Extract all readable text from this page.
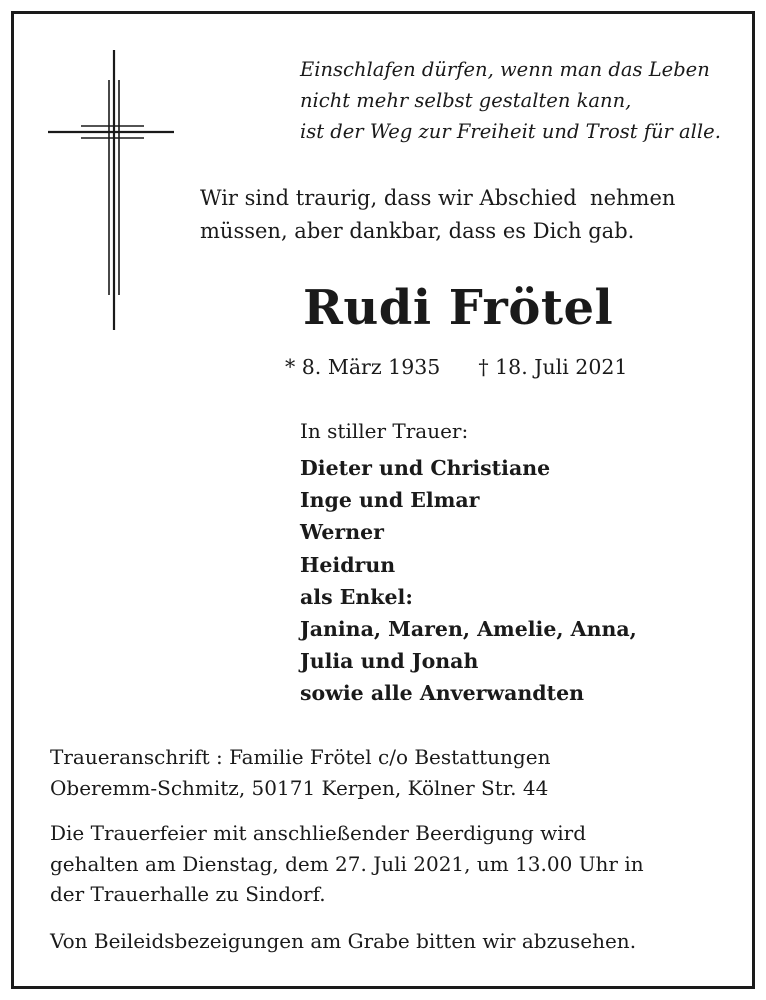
Einschlafen dürfen, wenn man das Leben
nicht mehr selbst gestalten kann,
ist der Weg zur Freiheit und Trost für alle.
Wir sind traurig, dass wir Abschied  nehmen
müssen, aber dankbar, dass es Dich gab.
Rudi Frötel
* 8. März 1935 † 18. Juli 2021
In stiller Trauer:
Dieter und Christiane
Inge und Elmar
Werner
Heidrun
als Enkel:
Janina, Maren, Amelie, Anna,
Julia und Jonah
sowie alle Anverwandten
Traueranschrift : Familie Frötel c/o Bestattungen
Oberemm-Schmitz, 50171 Kerpen, Kölner Str. 44
Die Trauerfeier mit anschließender Beerdigung wird
gehalten am Dienstag, dem 27. Juli 2021, um 13.00 Uhr in
der Trauerhalle zu Sindorf.
Von Beileidsbezeigungen am Grabe bitten wir abzusehen.
